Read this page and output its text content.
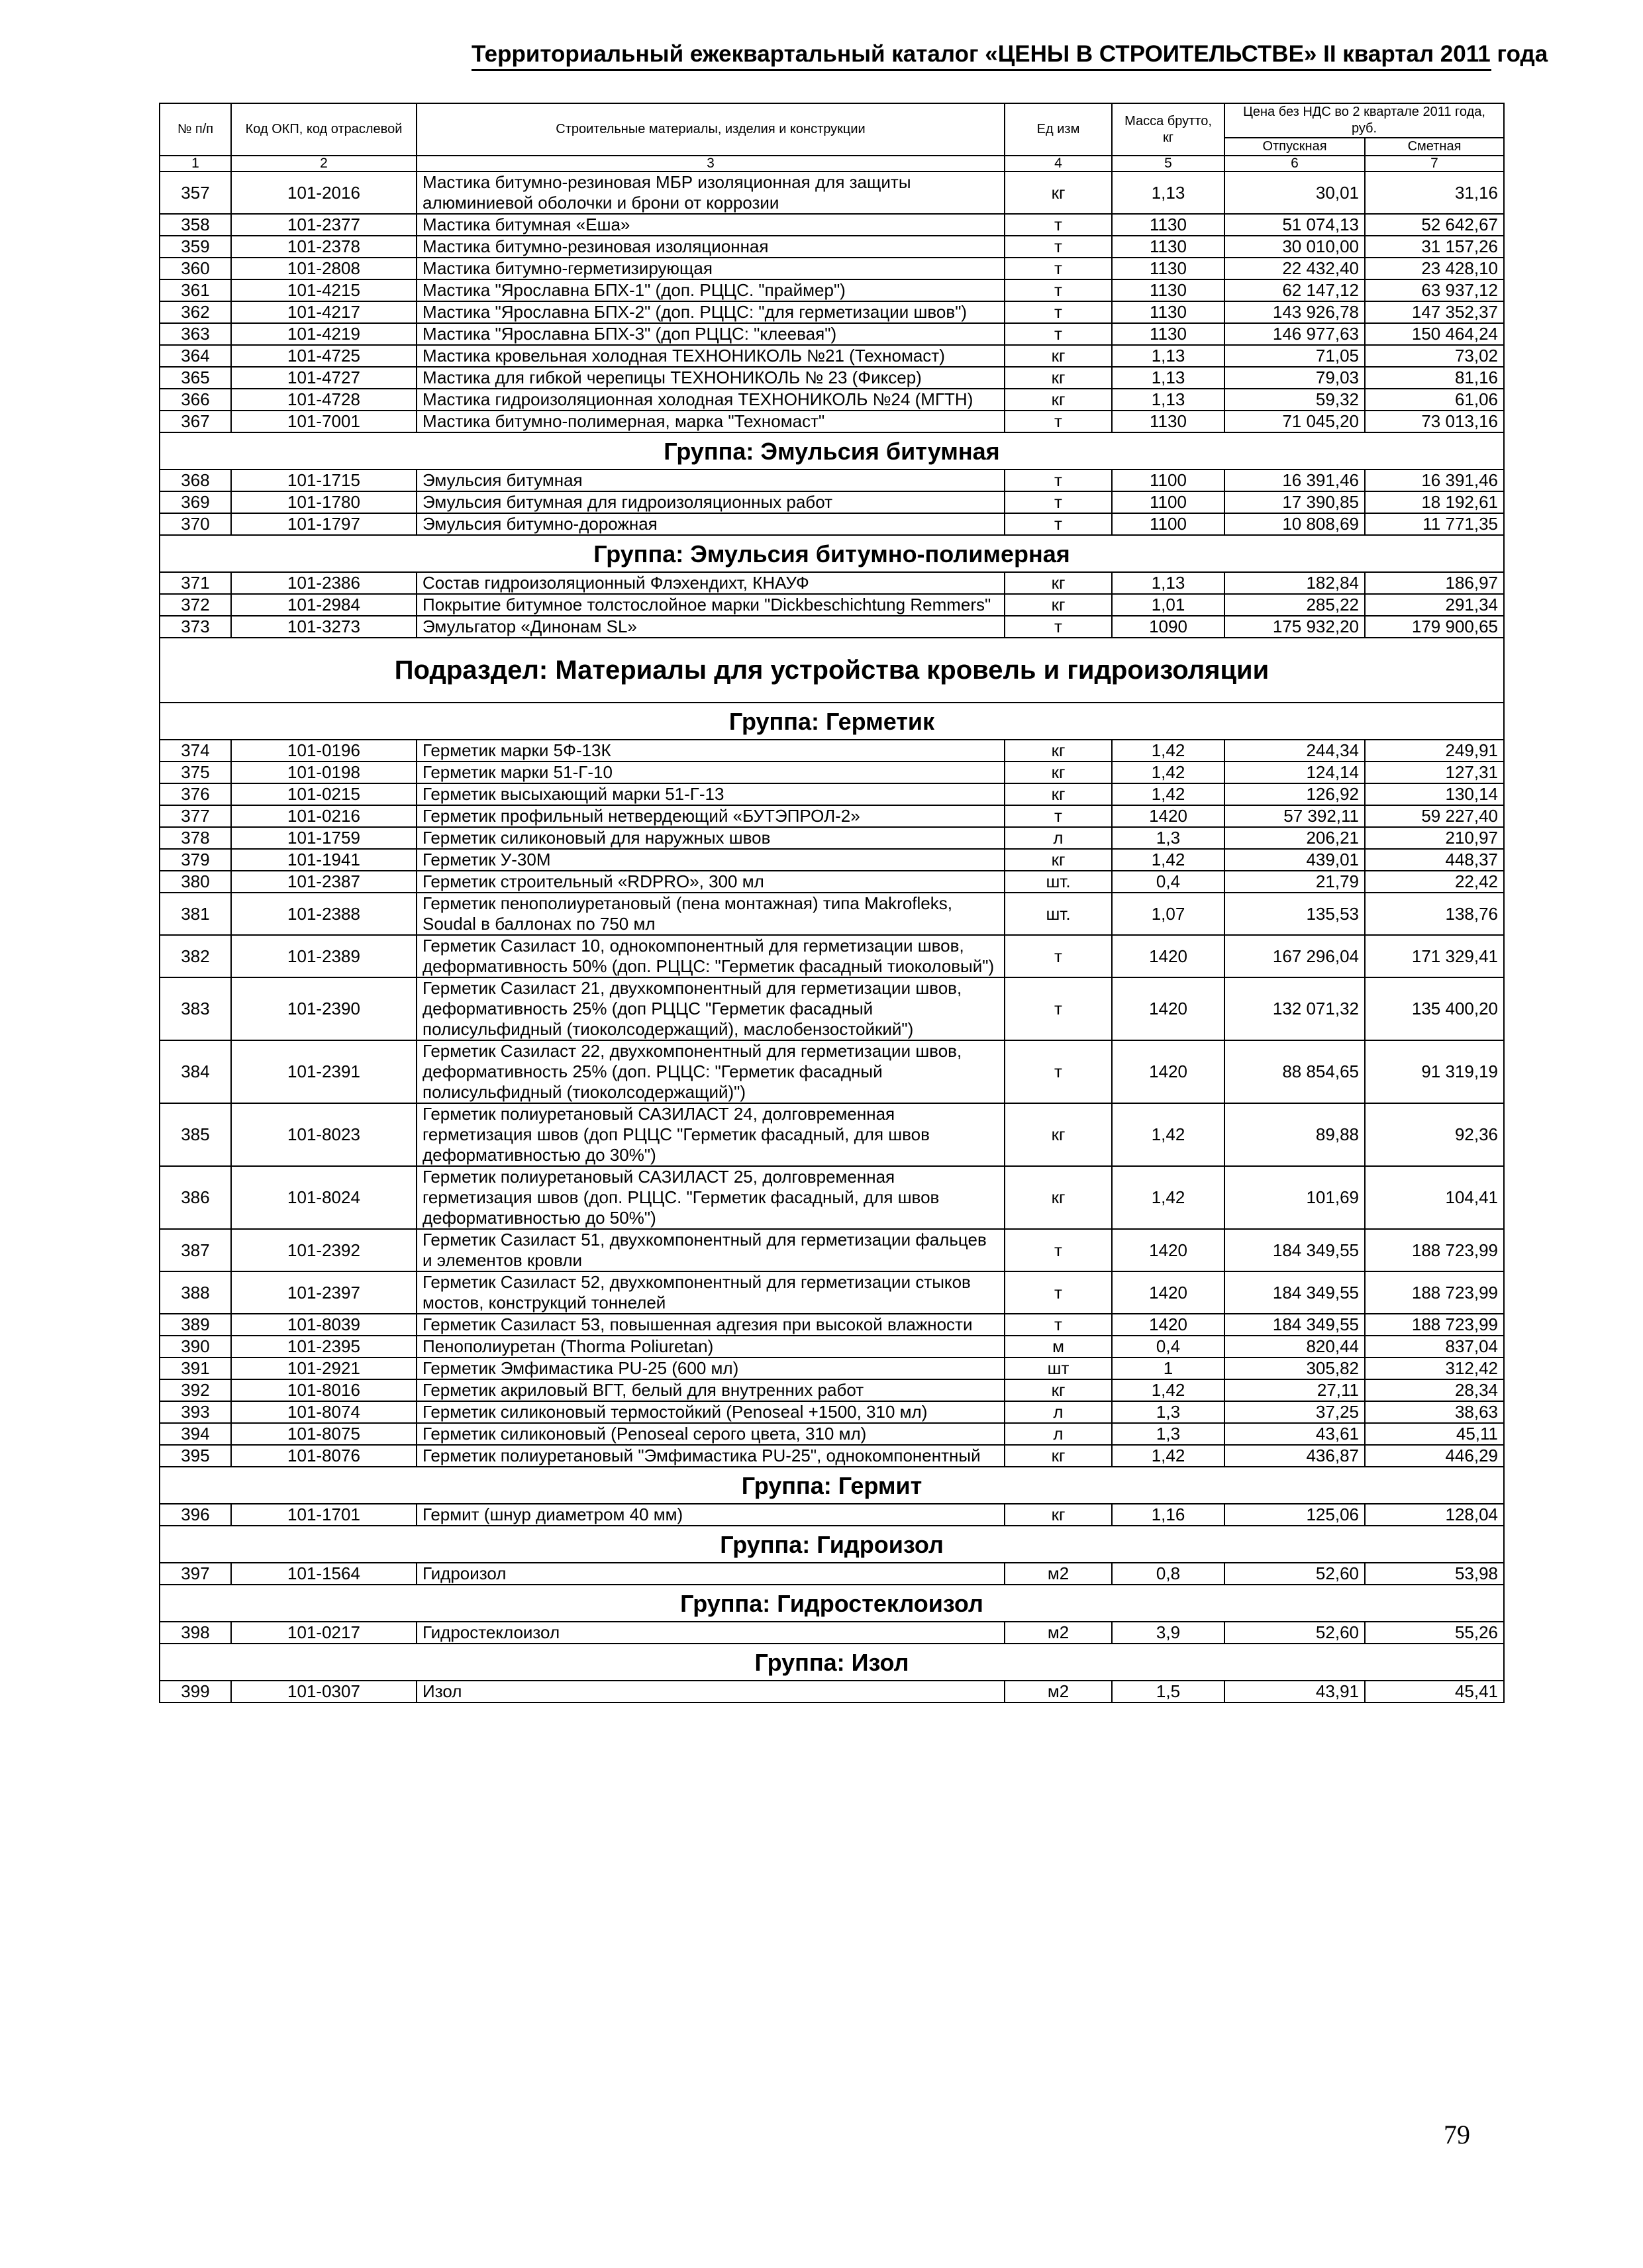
Территориальный ежеквартальный каталог «ЦЕНЫ В СТРОИТЕЛЬСТВЕ» II квартал 2011 года
№ п/п	Код ОКП, код отраслевой	Строительные материалы, изделия и конструкции	Ед изм	Масса брутто, кг	Цена без НДС во 2 квартале 2011 года, руб.	
					Отпускная	Сметная
1	2	3	4	5	6	7
357	101-2016	Мастика битумно-резиновая МБР изоляционная для защиты алюминиевой оболочки и брони от коррозии	кг	1,13	30,01	31,16
358	101-2377	Мастика битумная «Еша»	т	1130	51 074,13	52 642,67
359	101-2378	Мастика битумно-резиновая изоляционная	т	1130	30 010,00	31 157,26
360	101-2808	Мастика битумно-герметизирующая	т	1130	22 432,40	23 428,10
361	101-4215	Мастика "Ярославна БПХ-1" (доп. РЦЦС. "праймер")	т	1130	62 147,12	63 937,12
362	101-4217	Мастика "Ярославна БПХ-2" (доп. РЦЦС: "для герметизации швов")	т	1130	143 926,78	147 352,37
363	101-4219	Мастика "Ярославна БПХ-3" (доп РЦЦС: "клеевая")	т	1130	146 977,63	150 464,24
364	101-4725	Мастика кровельная холодная ТЕХНОНИКОЛЬ №21 (Техномаст)	кг	1,13	71,05	73,02
365	101-4727	Мастика для гибкой черепицы ТЕХНОНИКОЛЬ № 23 (Фиксер)	кг	1,13	79,03	81,16
366	101-4728	Мастика гидроизоляционная холодная ТЕХНОНИКОЛЬ №24 (МГТН)	кг	1,13	59,32	61,06
367	101-7001	Мастика битумно-полимерная, марка "Техномаст"	т	1130	71 045,20	73 013,16
Группа: Эмульсия битумная						
368	101-1715	Эмульсия битумная	т	1100	16 391,46	16 391,46
369	101-1780	Эмульсия битумная для гидроизоляционных работ	т	1100	17 390,85	18 192,61
370	101-1797	Эмульсия битумно-дорожная	т	1100	10 808,69	11 771,35
Группа: Эмульсия битумно-полимерная						
371	101-2386	Состав гидроизоляционный Флэхендихт, КНАУФ	кг	1,13	182,84	186,97
372	101-2984	Покрытие битумное толстослойное марки "Dickbeschichtung Remmers"	кг	1,01	285,22	291,34
373	101-3273	Эмульгатор «Динонам SL»	т	1090	175 932,20	179 900,65
Подраздел: Материалы для устройства кровель и гидроизоляции						
Группа: Герметик						
374	101-0196	Герметик марки 5Ф-13К	кг	1,42	244,34	249,91
375	101-0198	Герметик марки 51-Г-10	кг	1,42	124,14	127,31
376	101-0215	Герметик высыхающий марки 51-Г-13	кг	1,42	126,92	130,14
377	101-0216	Герметик профильный нетвердеющий «БУТЭПРОЛ-2»	т	1420	57 392,11	59 227,40
378	101-1759	Герметик силиконовый для наружных швов	л	1,3	206,21	210,97
379	101-1941	Герметик У-30М	кг	1,42	439,01	448,37
380	101-2387	Герметик строительный «RDPRO», 300 мл	шт.	0,4	21,79	22,42
381	101-2388	Герметик пенополиуретановый (пена монтажная) типа Makroflеks, Soudal в баллонах по 750 мл	шт.	1,07	135,53	138,76
382	101-2389	Герметик Сазиласт 10, однокомпонентный для герметизации швов, деформативность 50% (доп. РЦЦС: "Герметик фасадный тиоколовый")	т	1420	167 296,04	171 329,41
383	101-2390	Герметик Сазиласт 21, двухкомпонентный для герметизации швов, деформативность 25% (доп РЦЦС "Герметик фасадный полисульфидный (тиоколсодержащий), маслобензостойкий")	т	1420	132 071,32	135 400,20
384	101-2391	Герметик Сазиласт 22, двухкомпонентный для герметизации швов, деформативность 25% (доп. РЦЦС: "Герметик фасадный полисульфидный (тиоколсодержащий)")	т	1420	88 854,65	91 319,19
385	101-8023	Герметик полиуретановый САЗИЛАСТ 24, долговременная герметизация швов (доп РЦЦС "Герметик фасадный, для швов деформативностью до 30%")	кг	1,42	89,88	92,36
386	101-8024	Герметик полиуретановый САЗИЛАСТ 25, долговременная герметизация швов (доп. РЦЦС. "Герметик фасадный, для швов деформативностью до 50%")	кг	1,42	101,69	104,41
387	101-2392	Герметик Сазиласт 51, двухкомпонентный для герметизации фальцев и элементов кровли	т	1420	184 349,55	188 723,99
388	101-2397	Герметик Сазиласт 52, двухкомпонентный для герметизации стыков мостов, конструкций тоннелей	т	1420	184 349,55	188 723,99
389	101-8039	Герметик Сазиласт 53, повышенная адгезия при высокой влажности	т	1420	184 349,55	188 723,99
390	101-2395	Пенополиуретан (Thorma Poliuretan)	м	0,4	820,44	837,04
391	101-2921	Герметик Эмфимастика PU-25 (600 мл)	шт	1	305,82	312,42
392	101-8016	Герметик акриловый ВГТ, белый для внутренних работ	кг	1,42	27,11	28,34
393	101-8074	Герметик силиконовый термостойкий (Penoseal +1500, 310 мл)	л	1,3	37,25	38,63
394	101-8075	Герметик силиконовый (Penoseal серого цвета, 310 мл)	л	1,3	43,61	45,11
395	101-8076	Герметик полиуретановый "Эмфимастика PU-25", однокомпонентный	кг	1,42	436,87	446,29
Группа: Гермит						
396	101-1701	Гермит (шнур диаметром 40 мм)	кг	1,16	125,06	128,04
Группа: Гидроизол						
397	101-1564	Гидроизол	м2	0,8	52,60	53,98
Группа: Гидростеклоизол						
398	101-0217	Гидростеклоизол	м2	3,9	52,60	55,26
Группа: Изол						
399	101-0307	Изол	м2	1,5	43,91	45,41
79
